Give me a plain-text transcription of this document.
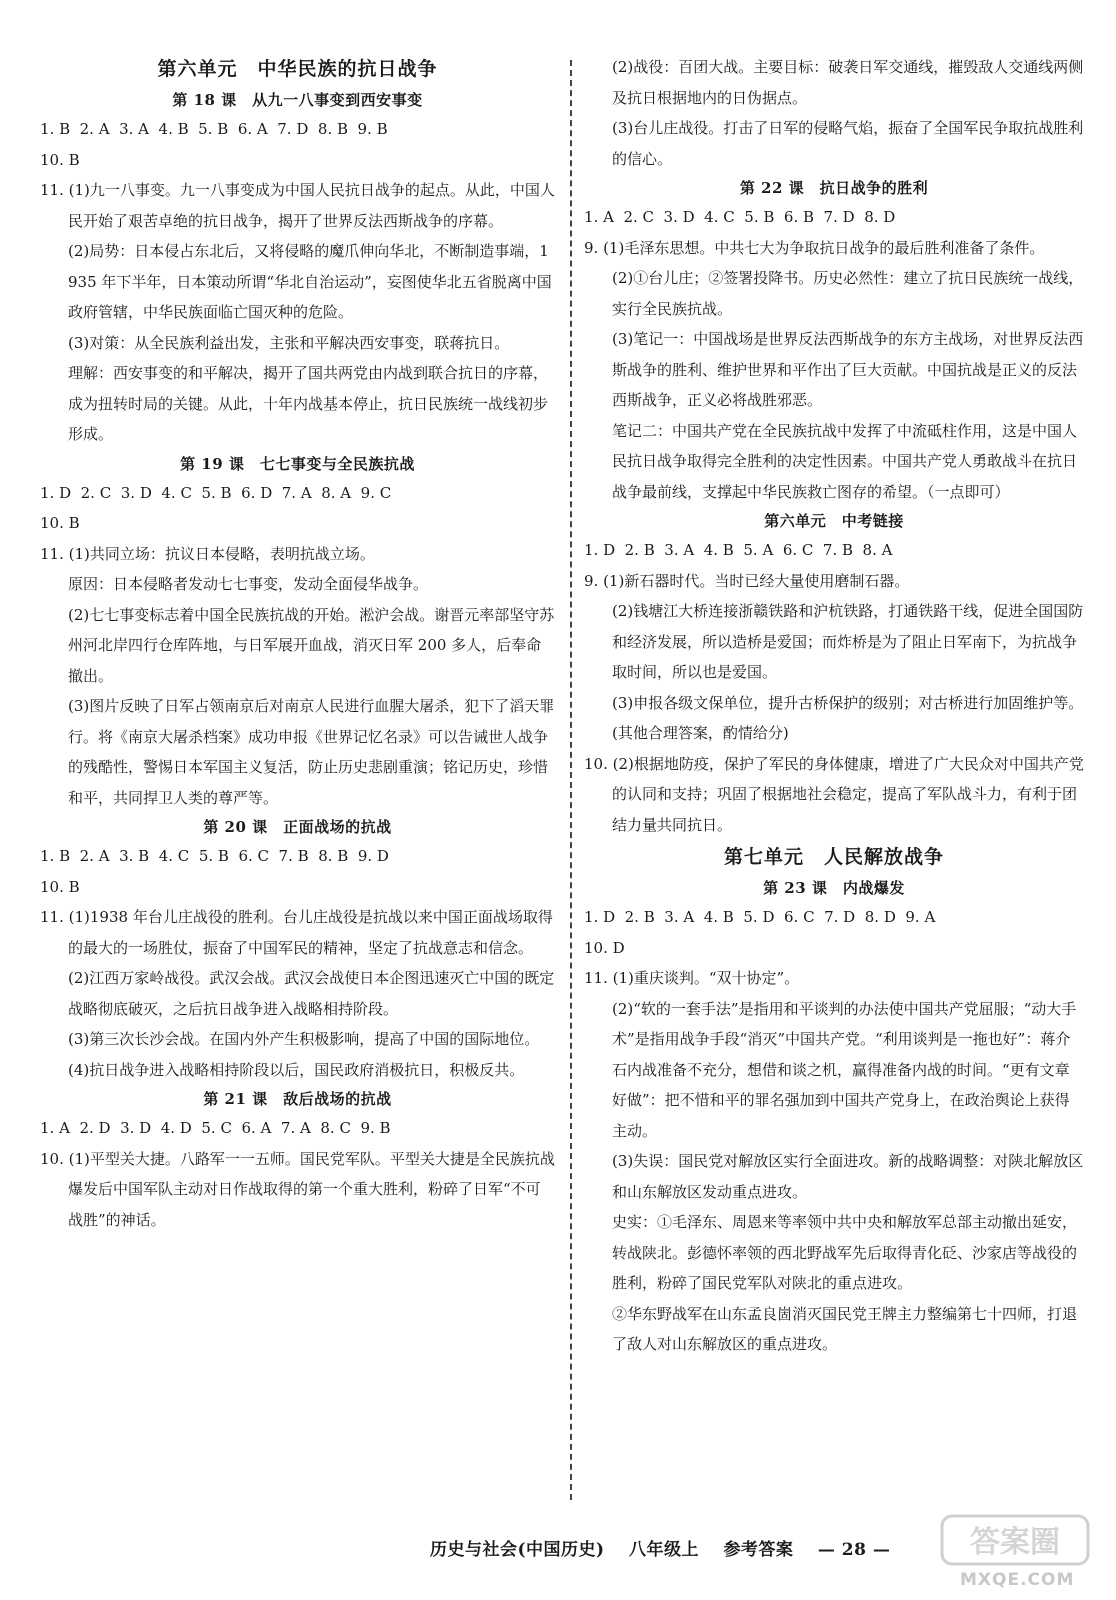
第六单元　中华民族的抗日战争

第 18 课　从九一八事变到西安事变

1. B  2. A  3. A  4. B  5. B  6. A  7. D  8. B  9. B

10. B

11. (1)九一八事变。九一八事变成为中国人民抗日战争的起点。从此，中国人民开始了艰苦卓绝的抗日战争，揭开了世界反法西斯战争的序幕。

(2)局势：日本侵占东北后，又将侵略的魔爪伸向华北，不断制造事端，1935 年下半年，日本策动所谓“华北自治运动”，妄图使华北五省脱离中国政府管辖，中华民族面临亡国灭种的危险。

(3)对策：从全民族利益出发，主张和平解决西安事变，联蒋抗日。

理解：西安事变的和平解决，揭开了国共两党由内战到联合抗日的序幕，成为扭转时局的关键。从此，十年内战基本停止，抗日民族统一战线初步形成。

第 19 课　七七事变与全民族抗战

1. D  2. C  3. D  4. C  5. B  6. D  7. A  8. A  9. C

10. B

11. (1)共同立场：抗议日本侵略，表明抗战立场。

原因：日本侵略者发动七七事变，发动全面侵华战争。

(2)七七事变标志着中国全民族抗战的开始。淞沪会战。谢晋元率部坚守苏州河北岸四行仓库阵地，与日军展开血战，消灭日军 200 多人，后奉命撤出。

(3)图片反映了日军占领南京后对南京人民进行血腥大屠杀，犯下了滔天罪行。将《南京大屠杀档案》成功申报《世界记忆名录》可以告诫世人战争的残酷性，警惕日本军国主义复活，防止历史悲剧重演；铭记历史，珍惜和平，共同捍卫人类的尊严等。

第 20 课　正面战场的抗战

1. B  2. A  3. B  4. C  5. B  6. C  7. B  8. B  9. D

10. B

11. (1)1938 年台儿庄战役的胜利。台儿庄战役是抗战以来中国正面战场取得的最大的一场胜仗，振奋了中国军民的精神，坚定了抗战意志和信念。

(2)江西万家岭战役。武汉会战。武汉会战使日本企图迅速灭亡中国的既定战略彻底破灭，之后抗日战争进入战略相持阶段。

(3)第三次长沙会战。在国内外产生积极影响，提高了中国的国际地位。

(4)抗日战争进入战略相持阶段以后，国民政府消极抗日，积极反共。

第 21 课　敌后战场的抗战

1. A  2. D  3. D  4. D  5. C  6. A  7. A  8. C  9. B

10. (1)平型关大捷。八路军一一五师。国民党军队。平型关大捷是全民族抗战爆发后中国军队主动对日作战取得的第一个重大胜利，粉碎了日军“不可战胜”的神话。

(2)战役：百团大战。主要目标：破袭日军交通线，摧毁敌人交通线两侧及抗日根据地内的日伪据点。

(3)台儿庄战役。打击了日军的侵略气焰，振奋了全国军民争取抗战胜利的信心。

第 22 课　抗日战争的胜利

1. A  2. C  3. D  4. C  5. B  6. B  7. D  8. D

9. (1)毛泽东思想。中共七大为争取抗日战争的最后胜利准备了条件。

(2)①台儿庄；②签署投降书。历史必然性：建立了抗日民族统一战线，实行全民族抗战。

(3)笔记一：中国战场是世界反法西斯战争的东方主战场，对世界反法西斯战争的胜利、维护世界和平作出了巨大贡献。中国抗战是正义的反法西斯战争，正义必将战胜邪恶。

笔记二：中国共产党在全民族抗战中发挥了中流砥柱作用，这是中国人民抗日战争取得完全胜利的决定性因素。中国共产党人勇敢战斗在抗日战争最前线，支撑起中华民族救亡图存的希望。（一点即可）

第六单元　中考链接

1. D  2. B  3. A  4. B  5. A  6. C  7. B  8. A

9. (1)新石器时代。当时已经大量使用磨制石器。

(2)钱塘江大桥连接浙赣铁路和沪杭铁路，打通铁路干线，促进全国国防和经济发展，所以造桥是爱国；而炸桥是为了阻止日军南下，为抗战争取时间，所以也是爱国。

(3)申报各级文保单位，提升古桥保护的级别；对古桥进行加固维护等。(其他合理答案，酌情给分)

10. (2)根据地防疫，保护了军民的身体健康，增进了广大民众对中国共产党的认同和支持；巩固了根据地社会稳定，提高了军队战斗力，有利于团结力量共同抗日。

第七单元　人民解放战争

第 23 课　内战爆发

1. D  2. B  3. A  4. B  5. D  6. C  7. D  8. D  9. A

10. D

11. (1)重庆谈判。“双十协定”。

(2)“软的一套手法”是指用和平谈判的办法使中国共产党屈服；“动大手术”是指用战争手段“消灭”中国共产党。“利用谈判是一拖也好”：蒋介石内战准备不充分，想借和谈之机，赢得准备内战的时间。“更有文章好做”：把不惜和平的罪名强加到中国共产党身上，在政治舆论上获得主动。

(3)失误：国民党对解放区实行全面进攻。新的战略调整：对陕北解放区和山东解放区发动重点进攻。

史实：①毛泽东、周恩来等率领中共中央和解放军总部主动撤出延安，转战陕北。彭德怀率领的西北野战军先后取得青化砭、沙家店等战役的胜利，粉碎了国民党军队对陕北的重点进攻。

②华东野战军在山东孟良崮消灭国民党王牌主力整编第七十四师，打退了敌人对山东解放区的重点进攻。

历史与社会(中国历史) 八年级上 参考答案 — 28 —	答案圈
MXQE.COM
